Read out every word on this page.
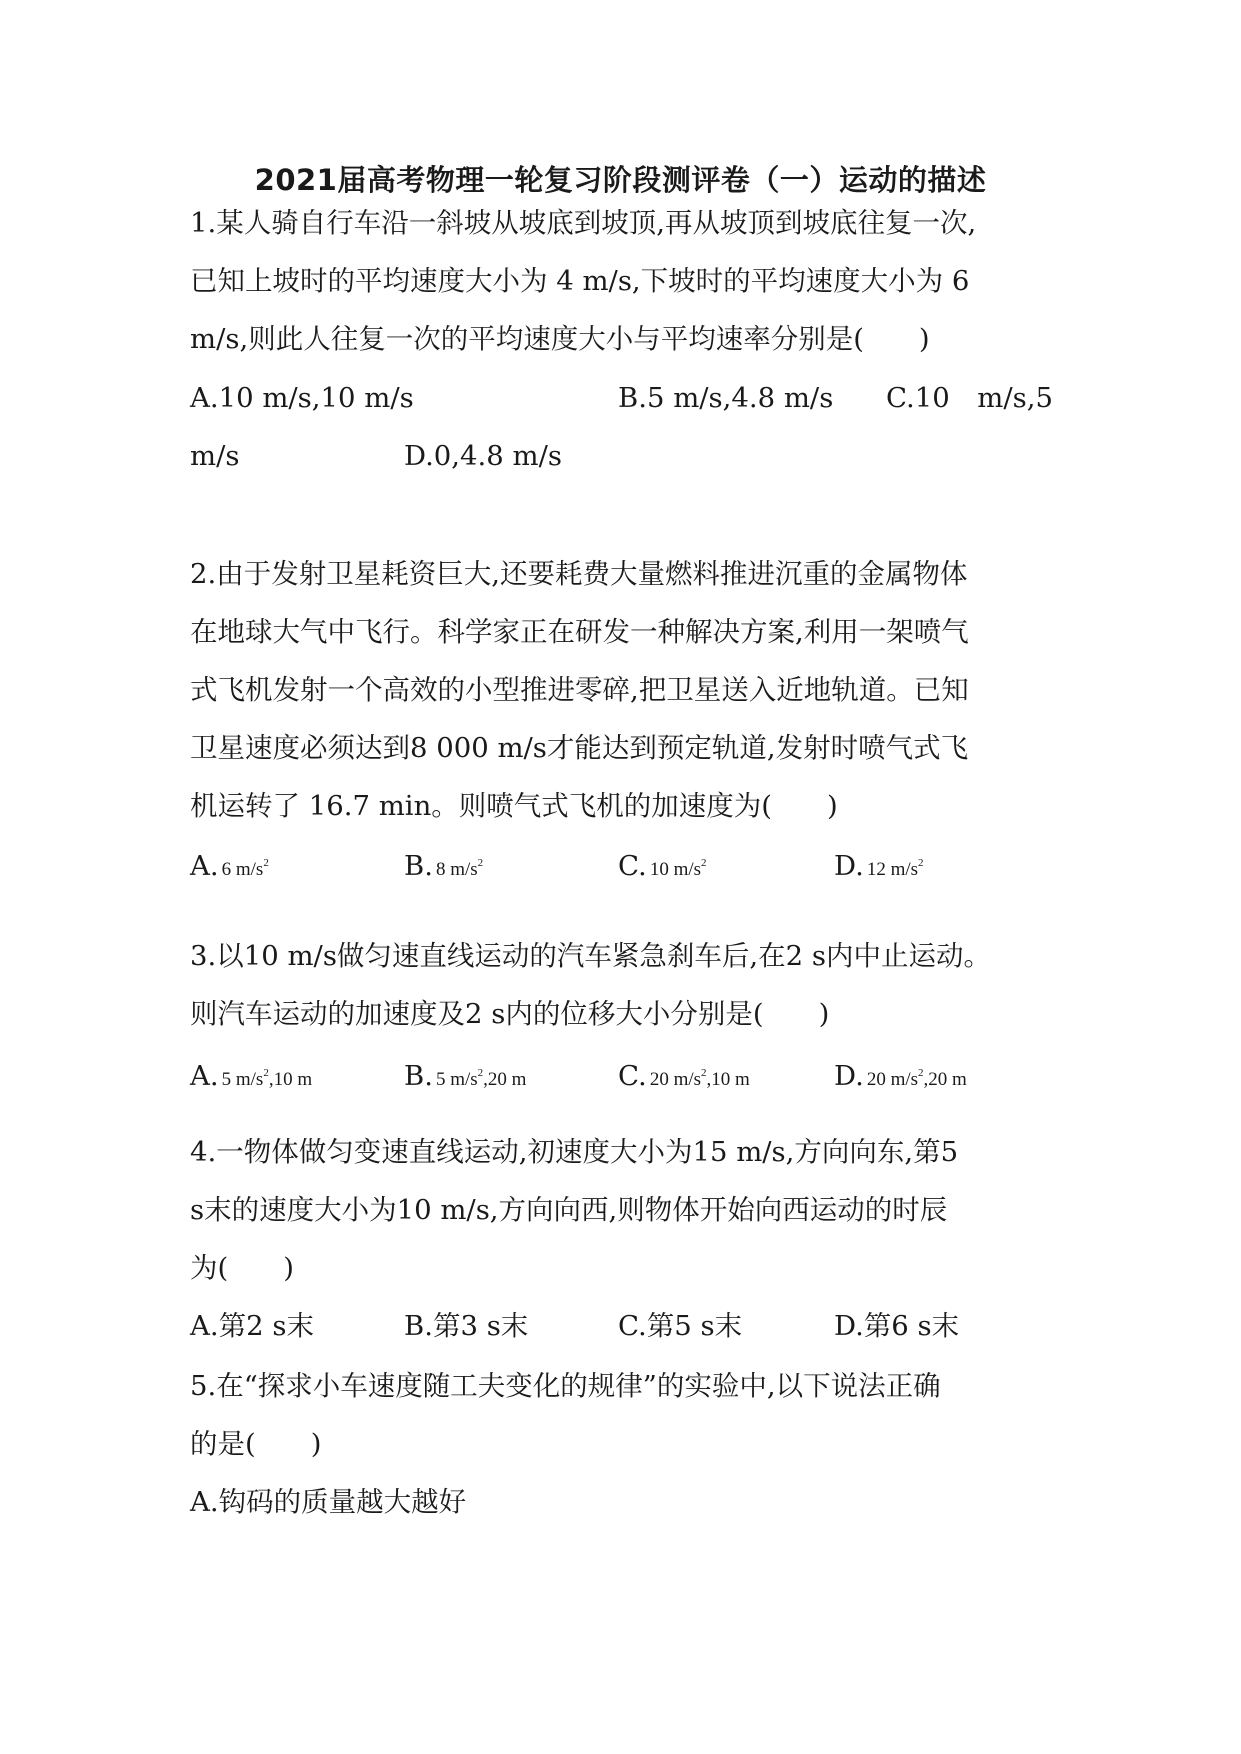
2021届高考物理一轮复习阶段测评卷（一）运动的描述
1.某人骑自行车沿一斜坡从坡底到坡顶,再从坡顶到坡底往复一次,
已知上坡时的平均速度大小为 4 m/s,下坡时的平均速度大小为 6
m/s,则此人往复一次的平均速度大小与平均速率分别是(　　)
A.10 m/s,10 m/s	B.5 m/s,4.8 m/s C.10　m/s,5
m/s	D.0,4.8 m/s
2.由于发射卫星耗资巨大,还要耗费大量燃料推进沉重的金属物体
在地球大气中飞行。科学家正在研发一种解决方案,利用一架喷气
式飞机发射一个高效的小型推进零碎,把卫星送入近地轨道。已知
卫星速度必须达到8 000 m/s才能达到预定轨道,发射时喷气式飞
机运转了 16.7 min。则喷气式飞机的加速度为(　　)
A. 6 $m/s^2$	B. 8 $m/s^2$	C. 10 $m/s^2$	D. 12 $m/s^2$
3.以10 m/s做匀速直线运动的汽车紧急刹车后,在2 s内中止运动。
则汽车运动的加速度及2 s内的位移大小分别是(　　)
A. 5 $m/s^2,10$ m	B. 5 $m/s^2,20$ m	C. 20 $m/s^2,10$ m	D. 20 $m/s^2,20$ m
4.一物体做匀变速直线运动,初速度大小为15 m/s,方向向东,第5
s末的速度大小为10 m/s,方向向西,则物体开始向西运动的时辰
为(　　)
A.第2 s末	B.第3 s末	C.第5 s末	D.第6 s末
5.在“探求小车速度随工夫变化的规律”的实验中,以下说法正确
的是(　　)
A.钩码的质量越大越好
